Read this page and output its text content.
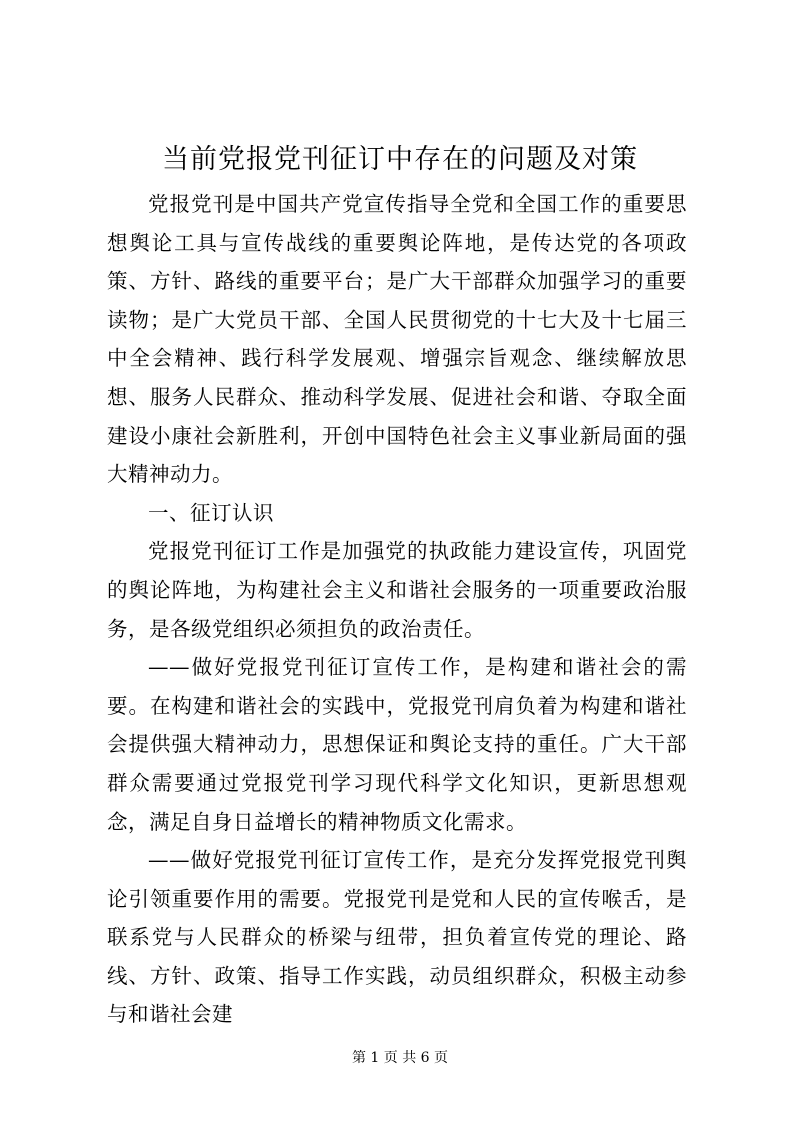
当前党报党刊征订中存在的问题及对策

党报党刊是中国共产党宣传指导全党和全国工作的重要思想舆论工具与宣传战线的重要舆论阵地，是传达党的各项政策、方针、路线的重要平台；是广大干部群众加强学习的重要读物；是广大党员干部、全国人民贯彻党的十七大及十七届三中全会精神、践行科学发展观、增强宗旨观念、继续解放思想、服务人民群众、推动科学发展、促进社会和谐、夺取全面建设小康社会新胜利，开创中国特色社会主义事业新局面的强大精神动力。

一、征订认识

党报党刊征订工作是加强党的执政能力建设宣传，巩固党的舆论阵地，为构建社会主义和谐社会服务的一项重要政治服务，是各级党组织必须担负的政治责任。

——做好党报党刊征订宣传工作，是构建和谐社会的需要。在构建和谐社会的实践中，党报党刊肩负着为构建和谐社会提供强大精神动力，思想保证和舆论支持的重任。广大干部群众需要通过党报党刊学习现代科学文化知识，更新思想观念，满足自身日益增长的精神物质文化需求。

——做好党报党刊征订宣传工作，是充分发挥党报党刊舆论引领重要作用的需要。党报党刊是党和人民的宣传喉舌，是联系党与人民群众的桥梁与纽带，担负着宣传党的理论、路线、方针、政策、指导工作实践，动员组织群众，积极主动参与和谐社会建

第 1 页 共 6 页
